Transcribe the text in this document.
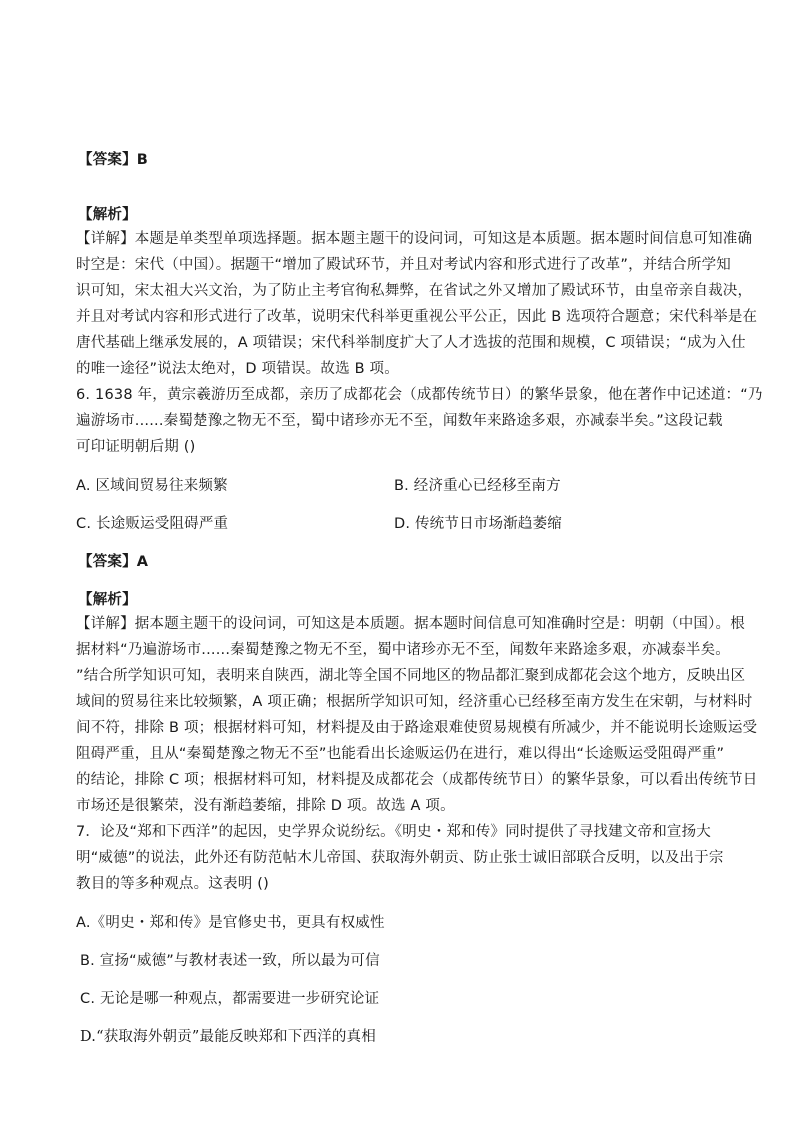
【答案】B
【解析】
【详解】本题是单类型单项选择题。据本题主题干的设问词，可知这是本质题。据本题时间信息可知准确
时空是：宋代（中国）。据题干“增加了殿试环节，并且对考试内容和形式进行了改革”，并结合所学知
识可知，宋太祖大兴文治，为了防止主考官徇私舞弊，在省试之外又增加了殿试环节，由皇帝亲自裁决，
并且对考试内容和形式进行了改革，说明宋代科举更重视公平公正，因此 B 选项符合题意；宋代科举是在
唐代基础上继承发展的，A 项错误；宋代科举制度扩大了人才选拔的范围和规模，C 项错误；“成为入仕
的唯一途径”说法太绝对，D 项错误。故选 B 项。
6. 1638 年，黄宗羲游历至成都，亲历了成都花会（成都传统节日）的繁华景象，他在著作中记述道：“乃
遍游场市......秦蜀楚豫之物无不至，蜀中诸珍亦无不至，闻数年来路途多艰，亦减泰半矣。”这段记载
可印证明朝后期 ()
A. 区域间贸易往来频繁	B. 经济重心已经移至南方
C. 长途贩运受阻碍严重	D. 传统节日市场渐趋萎缩
【答案】A
【解析】
【详解】据本题主题干的设问词，可知这是本质题。据本题时间信息可知准确时空是：明朝（中国）。根
据材料“乃遍游场市......秦蜀楚豫之物无不至，蜀中诸珍亦无不至，闻数年来路途多艰，亦减泰半矣。
”结合所学知识可知，表明来自陕西，湖北等全国不同地区的物品都汇聚到成都花会这个地方，反映出区
域间的贸易往来比较频繁，A 项正确；根据所学知识可知，经济重心已经移至南方发生在宋朝，与材料时
间不符，排除 B 项；根据材料可知，材料提及由于路途艰难使贸易规模有所减少，并不能说明长途贩运受
阻碍严重，且从“秦蜀楚豫之物无不至”也能看出长途贩运仍在进行，难以得出“长途贩运受阻碍严重”
的结论，排除 C 项；根据材料可知，材料提及成都花会（成都传统节日）的繁华景象，可以看出传统节日
市场还是很繁荣，没有渐趋萎缩，排除 D 项。故选 A 项。
7．论及“郑和下西洋”的起因，史学界众说纷纭。《明史・郑和传》同时提供了寻找建文帝和宣扬大
明“威德”的说法，此外还有防范帖木儿帝国、获取海外朝贡、防止张士诚旧部联合反明，以及出于宗
教目的等多种观点。这表明 ()
A.《明史・郑和传》是官修史书，更具有权威性
B. 宣扬“威德”与教材表述一致，所以最为可信
C. 无论是哪一种观点，都需要进一步研究论证
D.“获取海外朝贡”最能反映郑和下西洋的真相
